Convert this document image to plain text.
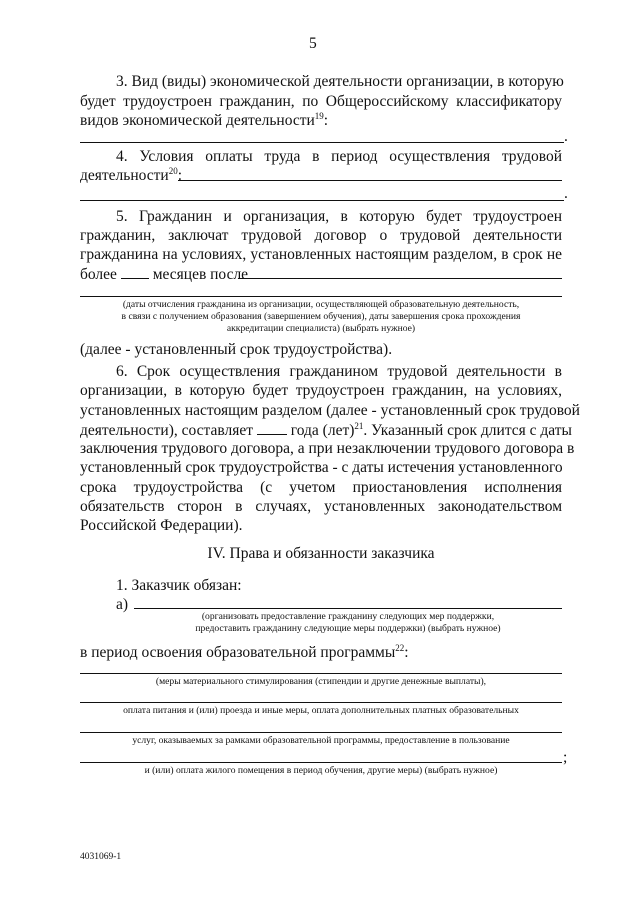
5
3. Вид (виды) экономической деятельности организации, в которую
будет трудоустроен гражданин, по Общероссийскому классификатору
видов экономической деятельности$^{19}$:
.
4. Условия оплаты труда в период осуществления трудовой
деятельности$^{20}$:
.
5. Гражданин и организация, в которую будет трудоустроен
гражданин, заключат трудовой договор о трудовой деятельности
гражданина на условиях, установленных настоящим разделом, в срок не
более месяцев после
(даты отчисления гражданина из организации, осуществляющей образовательную деятельность,
в связи с получением образования (завершением обучения), даты завершения срока прохождения
аккредитации специалиста) (выбрать нужное)
(далее - установленный срок трудоустройства).
6. Срок осуществления гражданином трудовой деятельности в
организации, в которую будет трудоустроен гражданин, на условиях,
установленных настоящим разделом (далее - установленный срок трудовой
деятельности), составляет года (лет)$^{21}$. Указанный срок длится с даты
заключения трудового договора, а при незаключении трудового договора в
установленный срок трудоустройства - с даты истечения установленного
срока трудоустройства (с учетом приостановления исполнения
обязательств сторон в случаях, установленных законодательством
Российской Федерации).
IV. Права и обязанности заказчика
1. Заказчик обязан:
а)
(организовать предоставление гражданину следующих мер поддержки,
предоставить гражданину следующие меры поддержки) (выбрать нужное)
в период освоения образовательной программы$^{22}$:
(меры материального стимулирования (стипендии и другие денежные выплаты),
оплата питания и (или) проезда и иные меры, оплата дополнительных платных образовательных
услуг, оказываемых за рамками образовательной программы, предоставление в пользование
;
и (или) оплата жилого помещения в период обучения, другие меры) (выбрать нужное)
4031069-1
